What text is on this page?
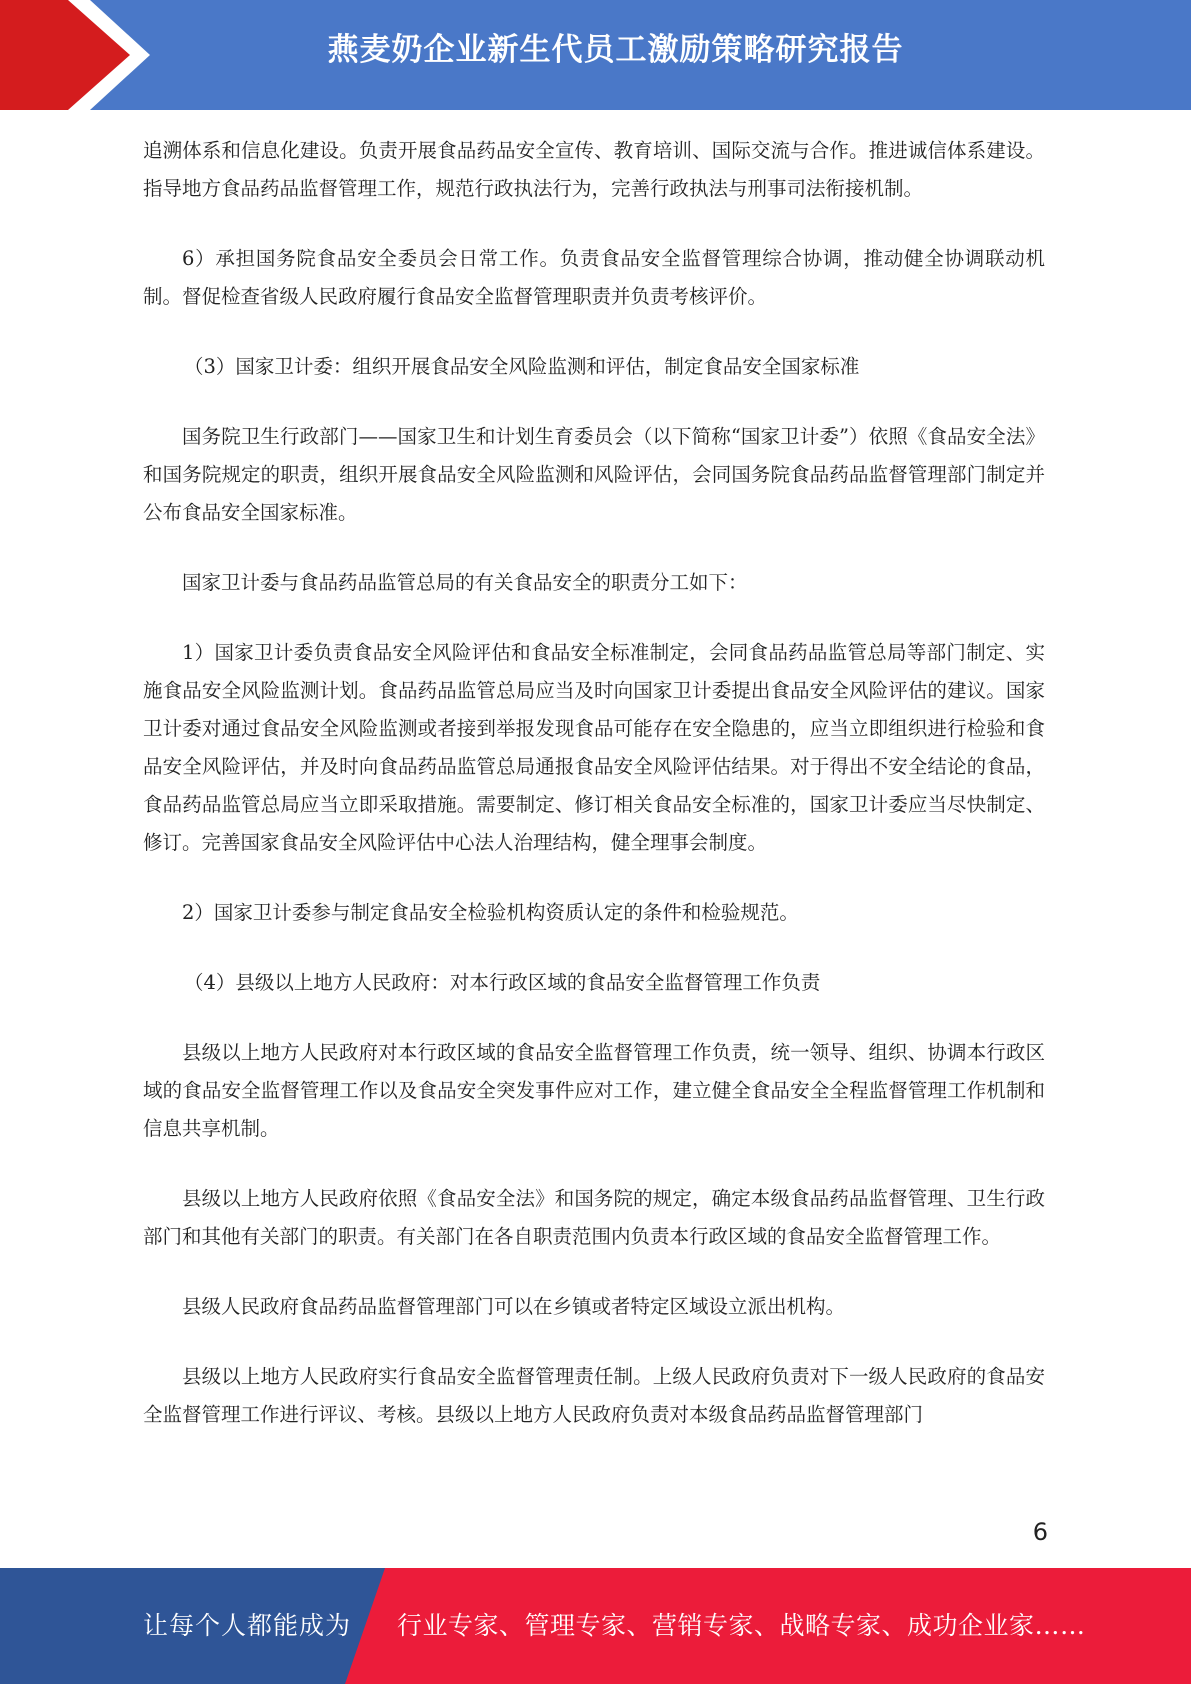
燕麦奶企业新生代员工激励策略研究报告

追溯体系和信息化建设。负责开展食品药品安全宣传、教育培训、国际交流与合作。推进诚信体系建设。指导地方食品药品监督管理工作，规范行政执法行为，完善行政执法与刑事司法衔接机制。

6）承担国务院食品安全委员会日常工作。负责食品安全监督管理综合协调，推动健全协调联动机制。督促检查省级人民政府履行食品安全监督管理职责并负责考核评价。

（3）国家卫计委：组织开展食品安全风险监测和评估，制定食品安全国家标准

国务院卫生行政部门——国家卫生和计划生育委员会（以下简称“国家卫计委”）依照《食品安全法》和国务院规定的职责，组织开展食品安全风险监测和风险评估，会同国务院食品药品监督管理部门制定并公布食品安全国家标准。

国家卫计委与食品药品监管总局的有关食品安全的职责分工如下：

1）国家卫计委负责食品安全风险评估和食品安全标准制定，会同食品药品监管总局等部门制定、实施食品安全风险监测计划。食品药品监管总局应当及时向国家卫计委提出食品安全风险评估的建议。国家卫计委对通过食品安全风险监测或者接到举报发现食品可能存在安全隐患的，应当立即组织进行检验和食品安全风险评估，并及时向食品药品监管总局通报食品安全风险评估结果。对于得出不安全结论的食品，食品药品监管总局应当立即采取措施。需要制定、修订相关食品安全标准的，国家卫计委应当尽快制定、修订。完善国家食品安全风险评估中心法人治理结构，健全理事会制度。

2）国家卫计委参与制定食品安全检验机构资质认定的条件和检验规范。

（4）县级以上地方人民政府：对本行政区域的食品安全监督管理工作负责

县级以上地方人民政府对本行政区域的食品安全监督管理工作负责，统一领导、组织、协调本行政区域的食品安全监督管理工作以及食品安全突发事件应对工作，建立健全食品安全全程监督管理工作机制和信息共享机制。

县级以上地方人民政府依照《食品安全法》和国务院的规定，确定本级食品药品监督管理、卫生行政部门和其他有关部门的职责。有关部门在各自职责范围内负责本行政区域的食品安全监督管理工作。

县级人民政府食品药品监督管理部门可以在乡镇或者特定区域设立派出机构。

县级以上地方人民政府实行食品安全监督管理责任制。上级人民政府负责对下一级人民政府的食品安全监督管理工作进行评议、考核。县级以上地方人民政府负责对本级食品药品监督管理部门

6
让每个人都能成为 行业专家、管理专家、营销专家、战略专家、成功企业家……
